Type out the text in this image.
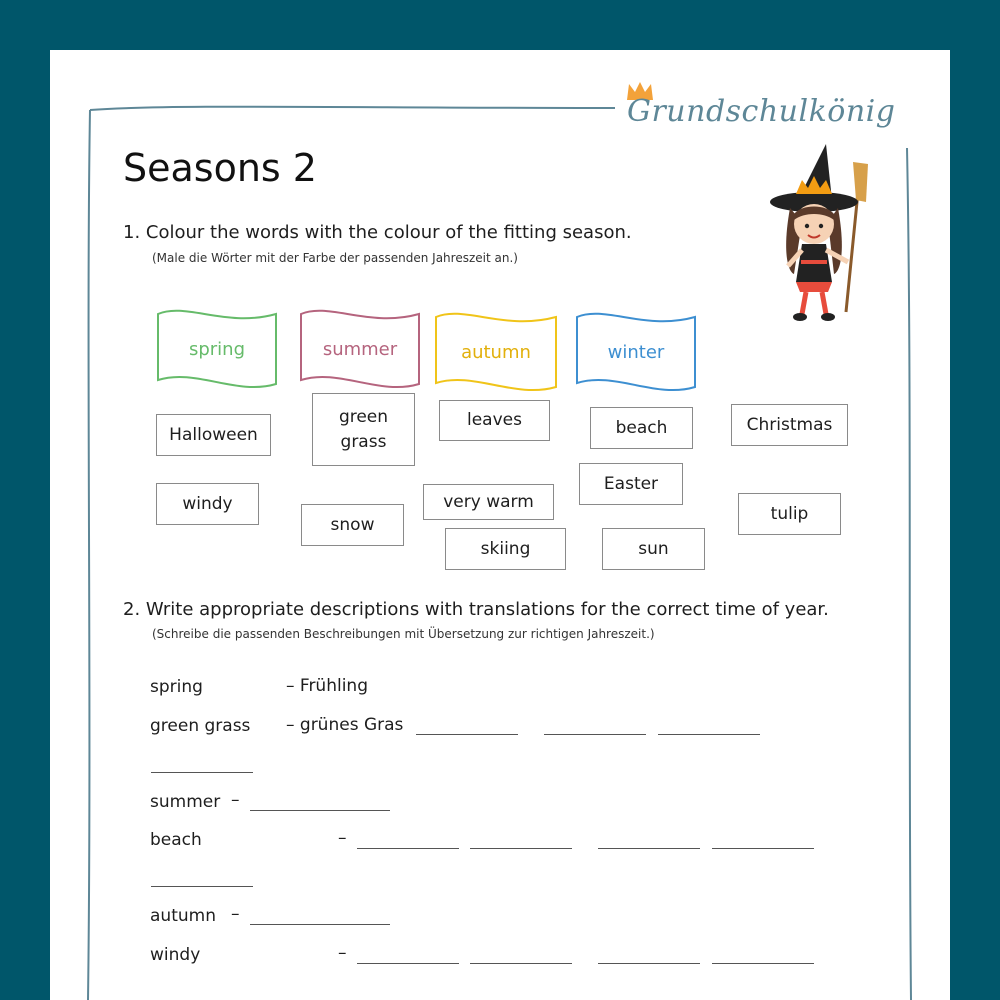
Grundschulkönig
Seasons 2
1. Colour the words with the colour of the fitting season.
(Male die Wörter mit der Farbe der passenden Jahreszeit an.)
spring	summer	autumn	winter
Halloween
green grass
leaves	beach	Christmas
windy
snow
very warm
Easter
tulip
skiing	sun
2. Write appropriate descriptions with translations for the correct time of year.
(Schreibe die passenden Beschreibungen mit Übersetzung zur richtigen Jahreszeit.)
spring	– Frühling
green grass – grünes Gras
summer –
beach	–
autumn –
windy	–
